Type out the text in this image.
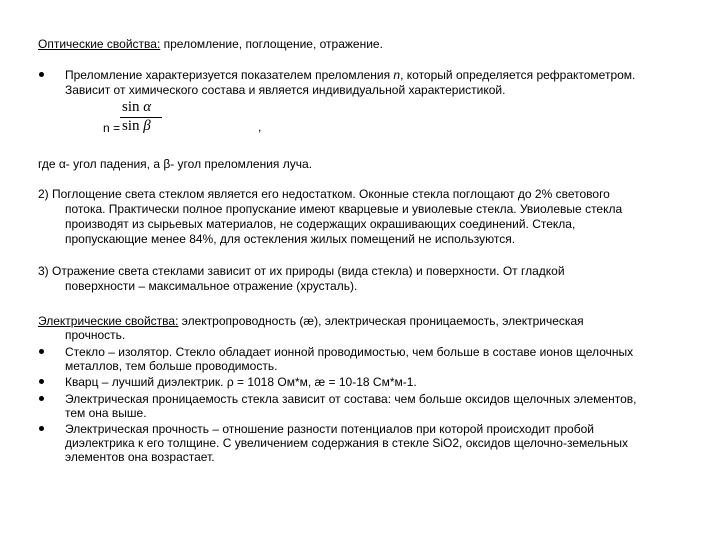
Оптические свойства: преломление, поглощение, отражение.
Преломление характеризуется показателем преломления n, который определяется рефрактометром.
Зависит от химического состава и является индивидуальной характеристикой.
n =
sin α
sin β	,
где α- угол падения, а β- угол преломления луча.
2) Поглощение света стеклом является его недостатком. Оконные стекла поглощают до 2% светового
потока. Практически полное пропускание имеют кварцевые и увиолевые стекла. Увиолевые стекла
производят из сырьевых материалов, не содержащих окрашивающих соединений. Стекла,
пропускающие менее 84%, для остекления жилых помещений не используются.
3) Отражение света стеклами зависит от их природы (вида стекла) и поверхности. От гладкой
поверхности – максимальное отражение (хрусталь).
Электрические свойства: электропроводность (ӕ), электрическая проницаемость, электрическая
прочность.
Стекло – изолятор. Стекло обладает ионной проводимостью, чем больше в составе ионов щелочных
металлов, тем больше проводимость.
Кварц – лучший диэлектрик. ρ = 1018 Ом*м, ӕ = 10-18 См*м-1.
Электрическая проницаемость стекла зависит от состава: чем больше оксидов щелочных элементов,
тем она выше.
Электрическая прочность – отношение разности потенциалов при которой происходит пробой
диэлектрика к его толщине. С увеличением содержания в стекле SiO2, оксидов щелочно-земельных
элементов она возрастает.
